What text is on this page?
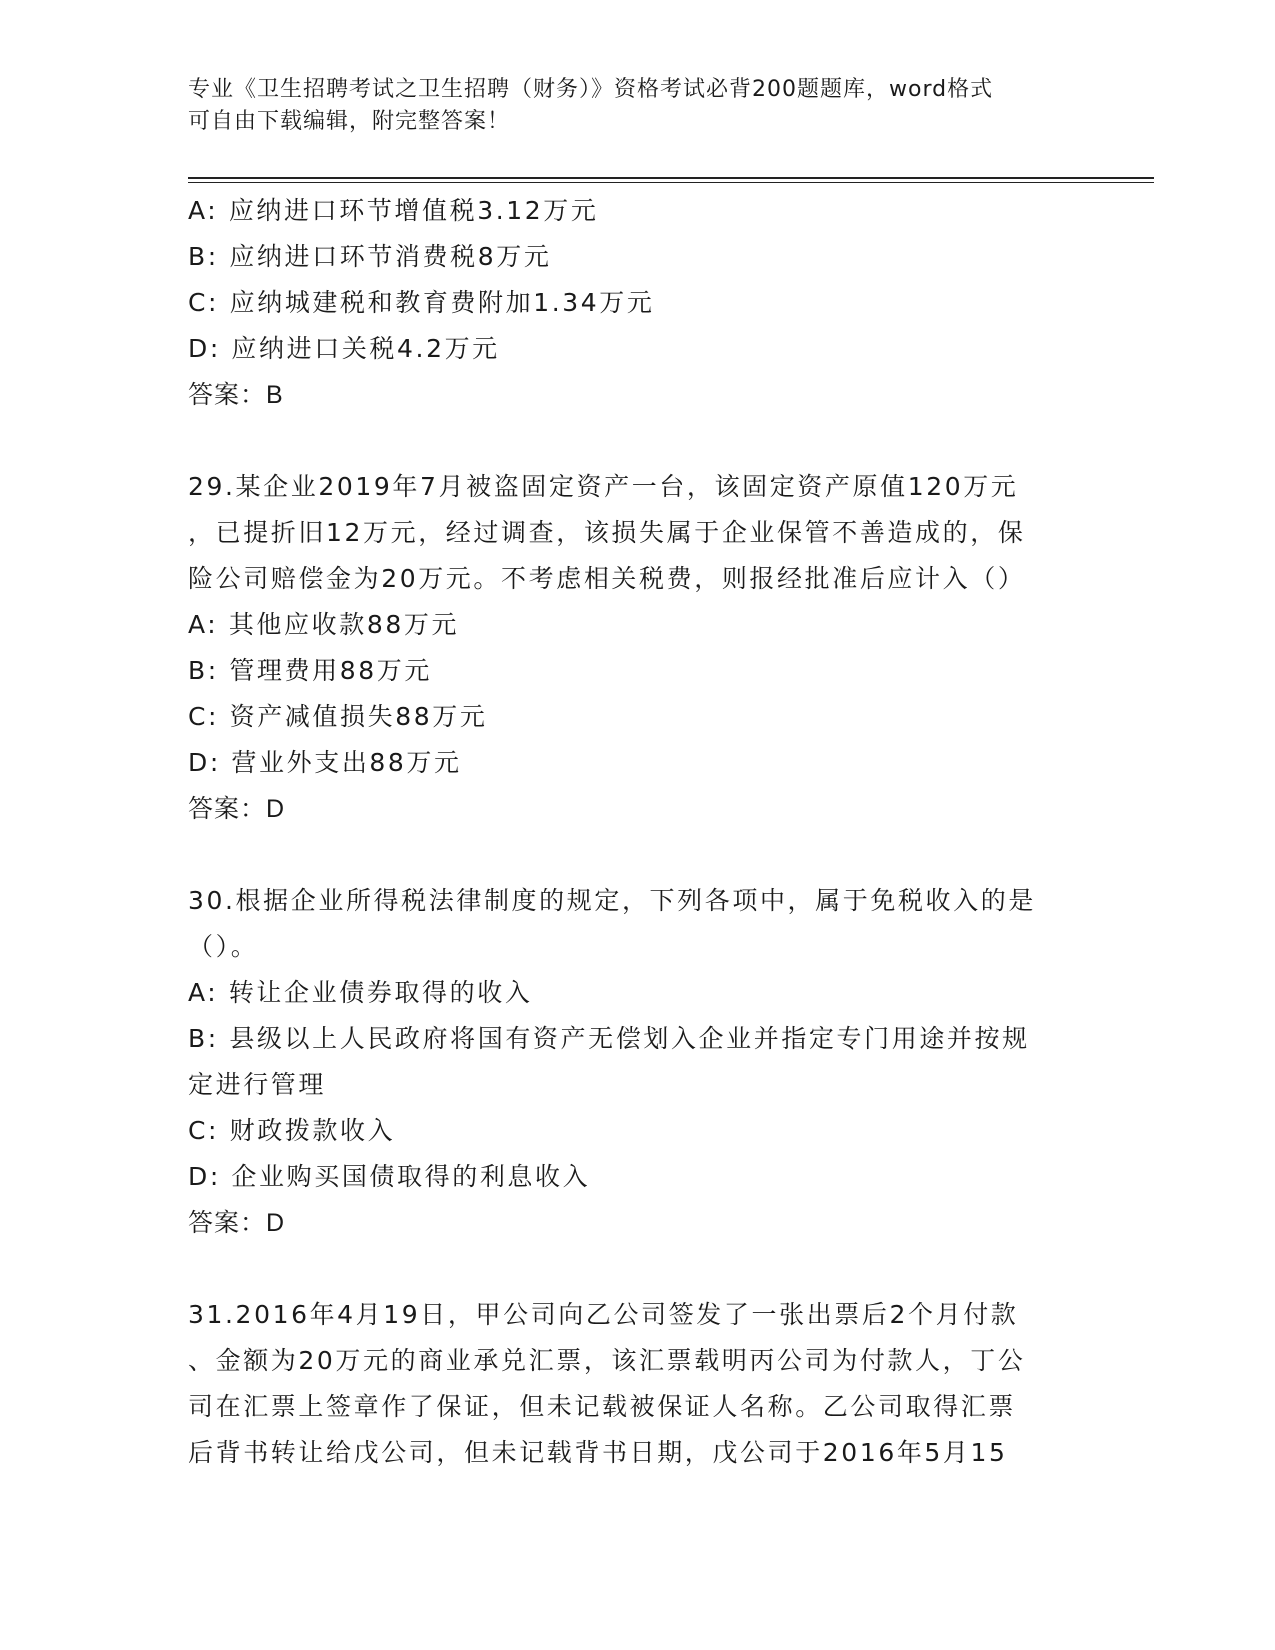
专业《卫生招聘考试之卫生招聘（财务）》资格考试必背200题题库，word格式
可自由下载编辑，附完整答案！
A: 应纳进口环节增值税3.12万元
B: 应纳进口环节消费税8万元
C: 应纳城建税和教育费附加1.34万元
D: 应纳进口关税4.2万元
答案：B
29.某企业2019年7月被盗固定资产一台，该固定资产原值120万元
，已提折旧12万元，经过调查，该损失属于企业保管不善造成的，保
险公司赔偿金为20万元。不考虑相关税费，则报经批准后应计入（）
A: 其他应收款88万元
B: 管理费用88万元
C: 资产减值损失88万元
D: 营业外支出88万元
答案：D
30.根据企业所得税法律制度的规定，下列各项中，属于免税收入的是
（）。
A: 转让企业债券取得的收入
B: 县级以上人民政府将国有资产无偿划入企业并指定专门用途并按规
定进行管理
C: 财政拨款收入
D: 企业购买国债取得的利息收入
答案：D
31.2016年4月19日，甲公司向乙公司签发了一张出票后2个月付款
、金额为20万元的商业承兑汇票，该汇票载明丙公司为付款人，丁公
司在汇票上签章作了保证，但未记载被保证人名称。乙公司取得汇票
后背书转让给戊公司，但未记载背书日期，戊公司于2016年5月15
